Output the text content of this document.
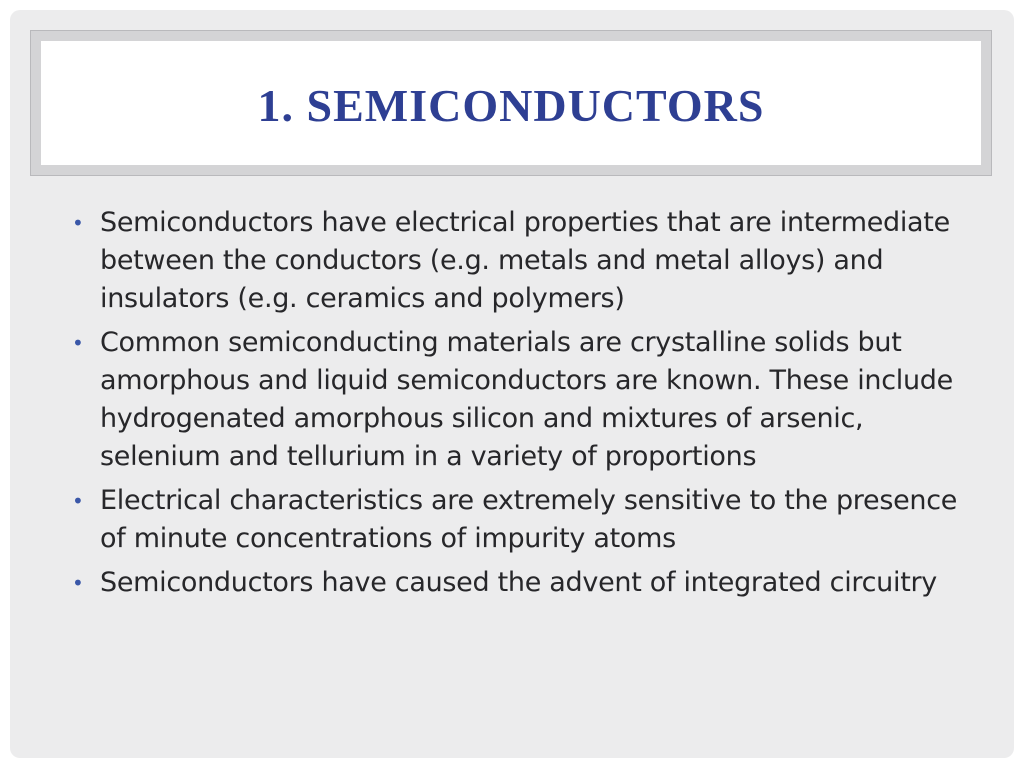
1. SEMICONDUCTORS
• Semiconductors have electrical properties that are intermediate between the conductors (e.g. metals and metal alloys) and insulators (e.g. ceramics and polymers)
• Common semiconducting materials are crystalline solids but amorphous and liquid semiconductors are known. These include hydrogenated amorphous silicon and mixtures of arsenic, selenium and tellurium in a variety of proportions
• Electrical characteristics are extremely sensitive to the presence of minute concentrations of impurity atoms
• Semiconductors have caused the advent of integrated circuitry
